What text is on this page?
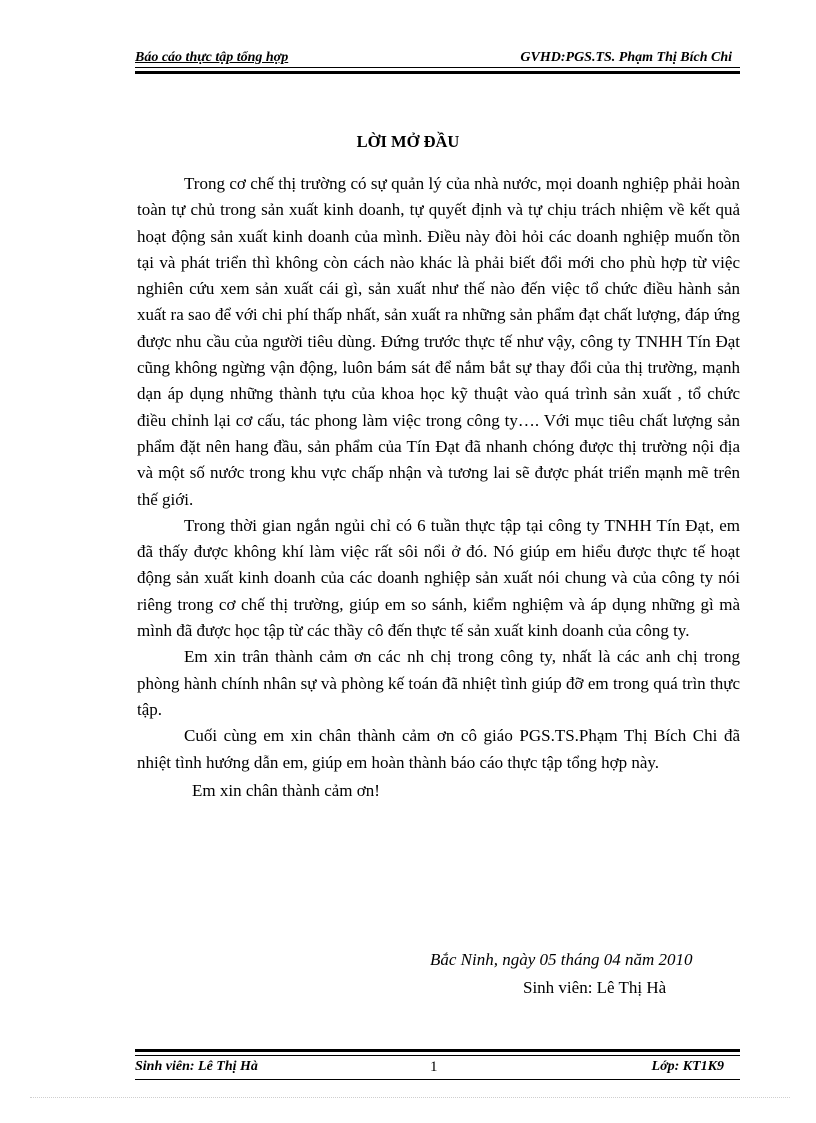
Báo cáo thực tập tổng hợp	GVHD:PGS.TS. Phạm Thị Bích Chi
LỜI MỞ ĐẦU

Trong cơ chế thị trường có sự quản lý của nhà nước, mọi doanh nghiệp phải hoàn toàn tự chủ trong sản xuất kinh doanh, tự quyết định và tự chịu trách nhiệm về kết quả hoạt động sản xuất kinh doanh của mình. Điều này đòi hỏi các doanh nghiệp muốn tồn tại và phát triển thì không còn cách nào khác là phải biết đổi mới cho phù hợp từ việc nghiên cứu xem sản xuất cái gì, sản xuất như thế nào đến việc tổ chức điều hành sản xuất ra sao để với chi phí thấp nhất, sản xuất ra những sản phẩm đạt chất lượng, đáp ứng được nhu cầu của người tiêu dùng. Đứng trước thực tế như vậy, công ty TNHH Tín Đạt cũng không ngừng vận động, luôn bám sát để nắm bắt sự thay đổi của thị trường, mạnh dạn áp dụng những thành tựu của khoa học kỹ thuật vào quá trình sản xuất , tổ chức điều chỉnh lại cơ cấu, tác phong làm việc trong công ty…. Với mục tiêu chất lượng sản phẩm đặt nên hang đầu, sản phẩm của Tín Đạt đã nhanh chóng được thị trường nội địa và một số nước trong khu vực chấp nhận và tương lai sẽ được phát triển mạnh mẽ trên thế giới.

Trong thời gian ngắn ngủi chỉ có 6 tuần thực tập tại công ty TNHH Tín Đạt, em đã thấy được không khí làm việc rất sôi nổi ở đó. Nó giúp em hiểu được thực tế hoạt động sản xuất kinh doanh của các doanh nghiệp sản xuất nói chung và của công ty nói riêng trong cơ chế thị trường, giúp em so sánh, kiểm nghiệm và áp dụng những gì mà mình đã được học tập từ các thầy cô đến thực tế sản xuất kinh doanh của công ty.

Em xin trân thành cảm ơn các nh chị trong công ty, nhất là các anh chị trong phòng hành chính nhân sự và phòng kế toán đã nhiệt tình giúp đỡ em trong quá trìn thực tập.

Cuối cùng em xin chân thành cảm ơn cô giáo PGS.TS.Phạm Thị Bích Chi đã nhiệt tình hướng dẫn em, giúp em hoàn thành báo cáo thực tập tổng hợp này.

Em xin chân thành cảm ơn!

Bắc Ninh, ngày 05 tháng 04 năm 2010
Sinh viên: Lê Thị Hà
Sinh viên: Lê Thị Hà	1	Lớp: KT1K9
